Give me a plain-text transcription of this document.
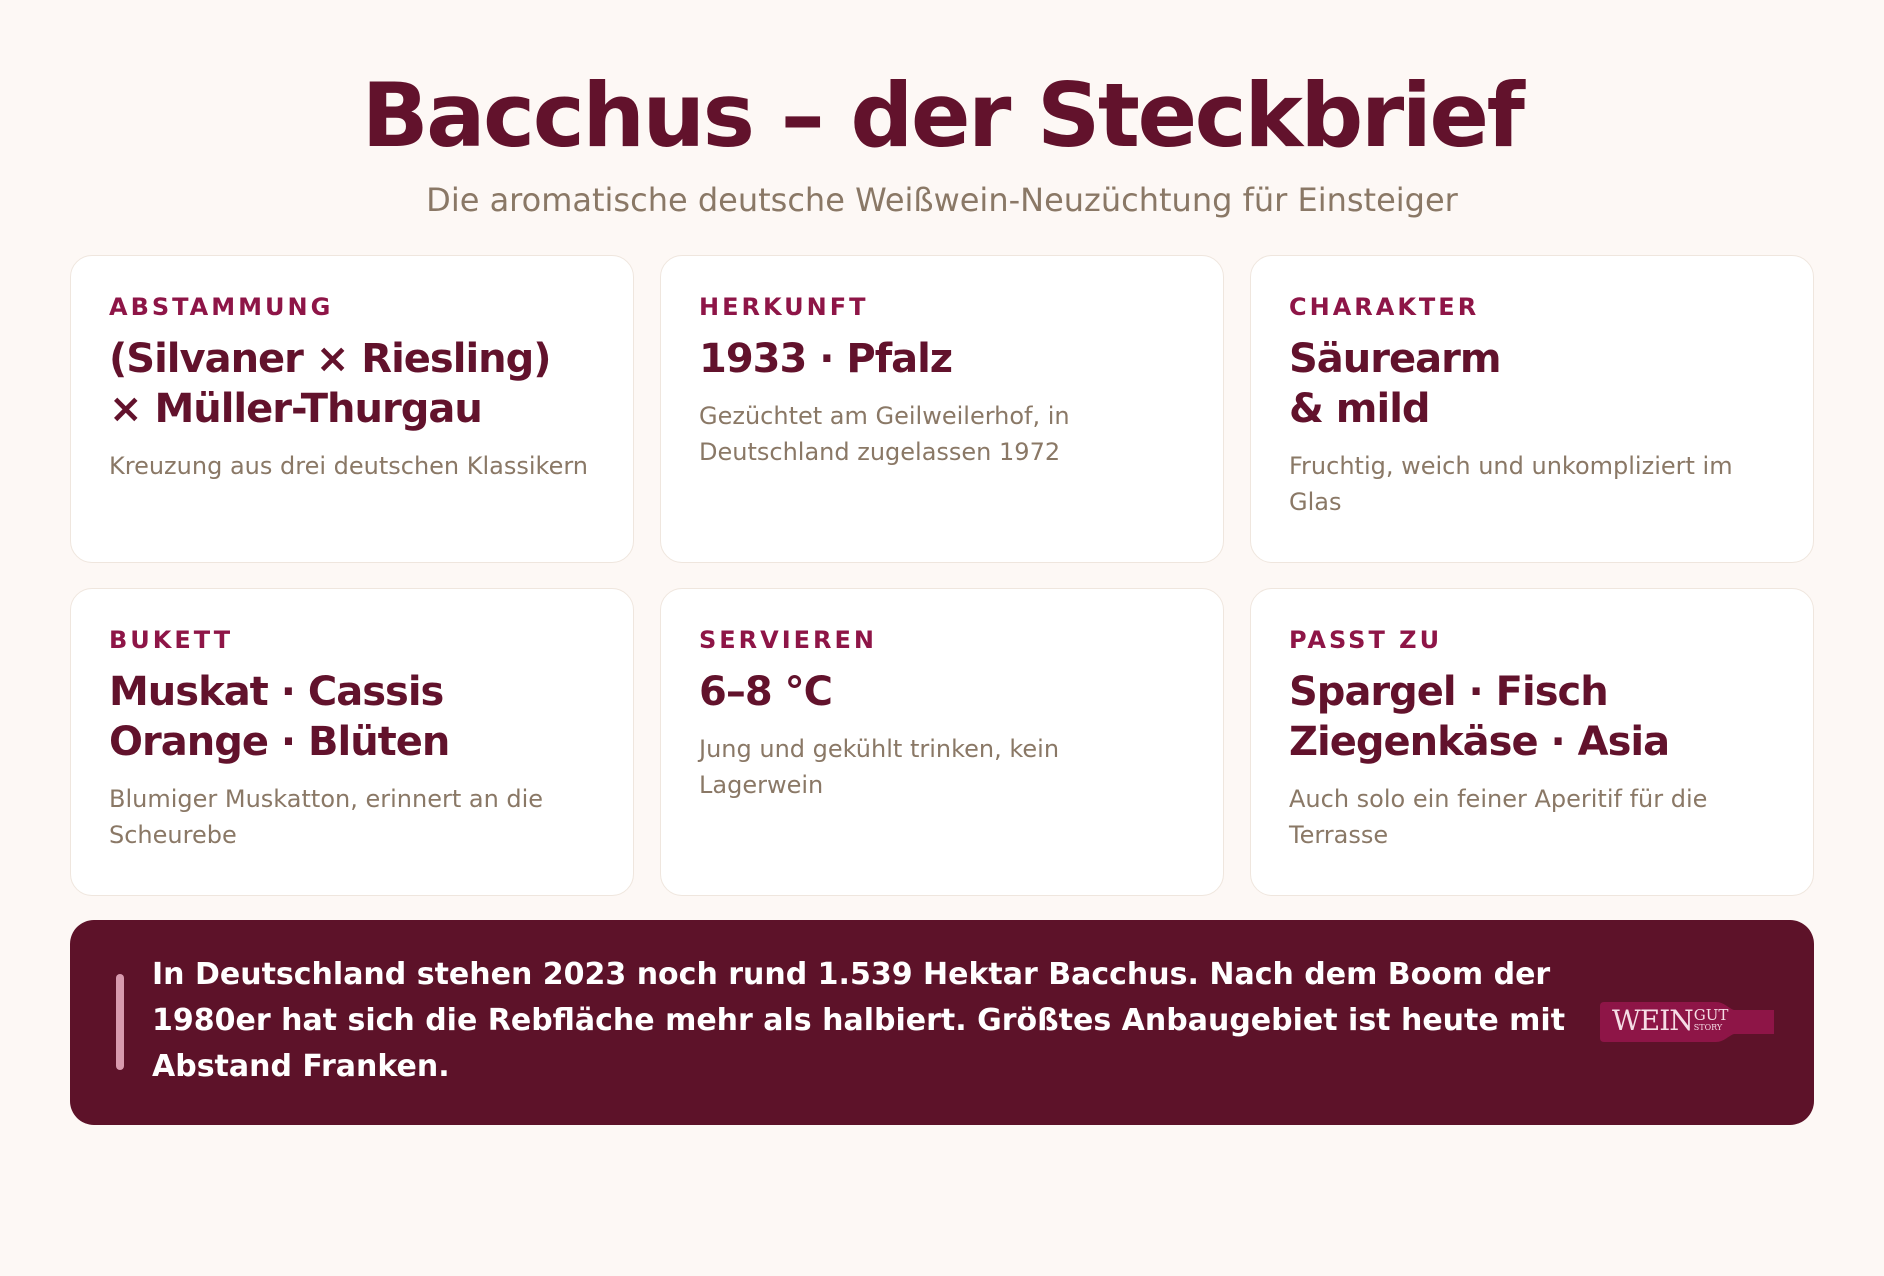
Bacchus – der Steckbrief

Die aromatische deutsche Weißwein-Neuzüchtung für Einsteiger

ABSTAMMUNG
(Silvaner × Riesling)
× Müller-Thurgau
Kreuzung aus drei deutschen Klassikern
HERKUNFT
1933 · Pfalz
Gezüchtet am Geilweilerhof, in Deutschland zugelassen 1972
CHARAKTER
Säurearm
& mild
Fruchtig, weich und unkompliziert im Glas
BUKETT
Muskat · Cassis
Orange · Blüten
Blumiger Muskatton, erinnert an die Scheurebe
SERVIEREN
6–8 °C
Jung und gekühlt trinken, kein Lagerwein
PASST ZU
Spargel · Fisch
Ziegenkäse · Asia
Auch solo ein feiner Aperitif für die Terrasse
In Deutschland stehen 2023 noch rund 1.539 Hektar Bacchus. Nach dem Boom der 1980er hat sich die Rebfläche mehr als halbiert. Größtes Anbaugebiet ist heute mit Abstand Franken.
WEIN GUT
STORY
